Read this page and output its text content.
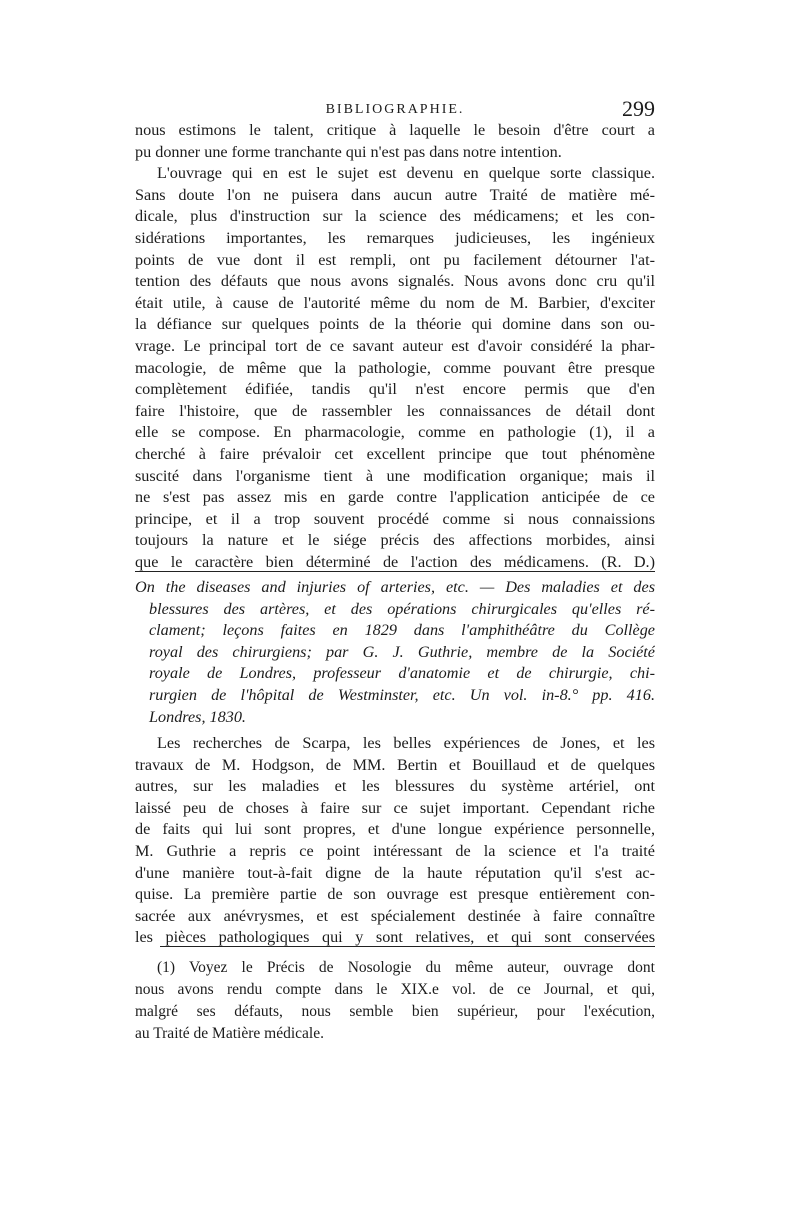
BIBLIOGRAPHIE.	299
nous estimons le talent, critique à laquelle le besoin d'être court a
pu donner une forme tranchante qui n'est pas dans notre intention.
L'ouvrage qui en est le sujet est devenu en quelque sorte classique.
Sans doute l'on ne puisera dans aucun autre Traité de matière mé-
dicale, plus d'instruction sur la science des médicamens; et les con-
sidérations importantes, les remarques judicieuses, les ingénieux
points de vue dont il est rempli, ont pu facilement détourner l'at-
tention des défauts que nous avons signalés. Nous avons donc cru qu'il
était utile, à cause de l'autorité même du nom de M. Barbier, d'exciter
la défiance sur quelques points de la théorie qui domine dans son ou-
vrage. Le principal tort de ce savant auteur est d'avoir considéré la phar-
macologie, de même que la pathologie, comme pouvant être presque
complètement édifiée, tandis qu'il n'est encore permis que d'en
faire l'histoire, que de rassembler les connaissances de détail dont
elle se compose. En pharmacologie, comme en pathologie (1), il a
cherché à faire prévaloir cet excellent principe que tout phénomène
suscité dans l'organisme tient à une modification organique; mais il
ne s'est pas assez mis en garde contre l'application anticipée de ce
principe, et il a trop souvent procédé comme si nous connaissions
toujours la nature et le siége précis des affections morbides, ainsi
que le caractère bien déterminé de l'action des médicamens. (R. D.)
On the diseases and injuries of arteries, etc. — Des maladies et des
blessures des artères, et des opérations chirurgicales qu'elles ré-
clament; leçons faites en 1829 dans l'amphithéâtre du Collège
royal des chirurgiens; par G. J. Guthrie, membre de la Société
royale de Londres, professeur d'anatomie et de chirurgie, chi-
rurgien de l'hôpital de Westminster, etc. Un vol. in-8.° pp. 416.
Londres, 1830.
Les recherches de Scarpa, les belles expériences de Jones, et les
travaux de M. Hodgson, de MM. Bertin et Bouillaud et de quelques
autres, sur les maladies et les blessures du système artériel, ont
laissé peu de choses à faire sur ce sujet important. Cependant riche
de faits qui lui sont propres, et d'une longue expérience personnelle,
M. Guthrie a repris ce point intéressant de la science et l'a traité
d'une manière tout-à-fait digne de la haute réputation qu'il s'est ac-
quise. La première partie de son ouvrage est presque entièrement con-
sacrée aux anévrysmes, et est spécialement destinée à faire connaître
les pièces pathologiques qui y sont relatives, et qui sont conservées
(1) Voyez le Précis de Nosologie du même auteur, ouvrage dont
nous avons rendu compte dans le XIX.e vol. de ce Journal, et qui,
malgré ses défauts, nous semble bien supérieur, pour l'exécution,
au Traité de Matière médicale.
